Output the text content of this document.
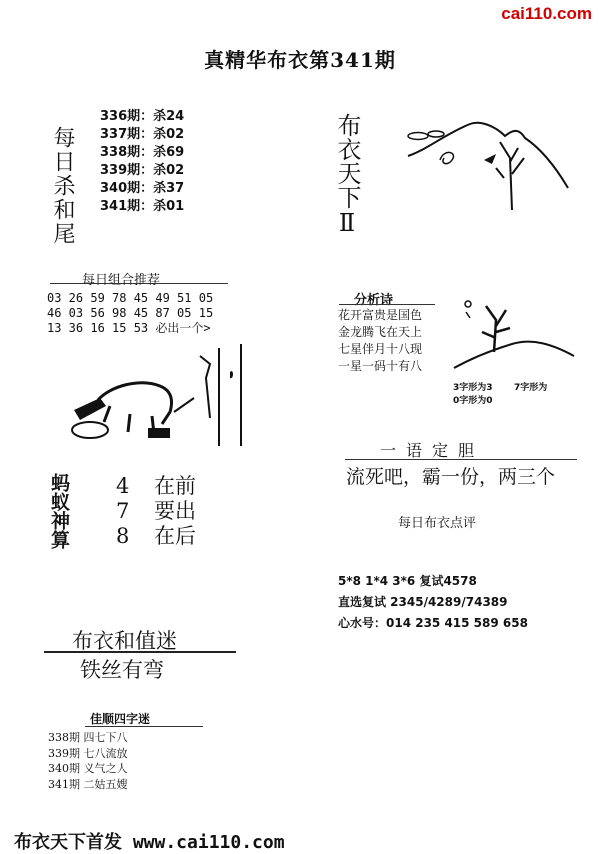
cai110.com
真精华布衣第341期
每日杀和尾
336期：杀24
337期：杀02
338期：杀69
339期：杀02
340期：杀37
341期：杀01	布衣天下Ⅱ
每日组合推荐
03 26 59 78 45 49 51 05
46 03 56 98 45 87 05 15
13 36 16 15 53 必出一个>
蚂蚁神算 4 在前
7 要出
8 在后
分析诗
花开富贵是国色
金龙腾飞在天上
七星伴月十八现
一星一码十有八
3字形为3 7字形为
0字形为0
一语定胆
流死吧，霸一份，两三个
每日布衣点评
5*8 1*4 3*6 复试4578
直选复试 2345/4289/74389
心水号：014 235 415 589 658
布衣和值迷
铁丝有弯
佳顺四字迷
338期 四七下八
339期 七八流放
340期 义气之人
341期 二姑五嫂
布衣天下首发 www.cai110.com
